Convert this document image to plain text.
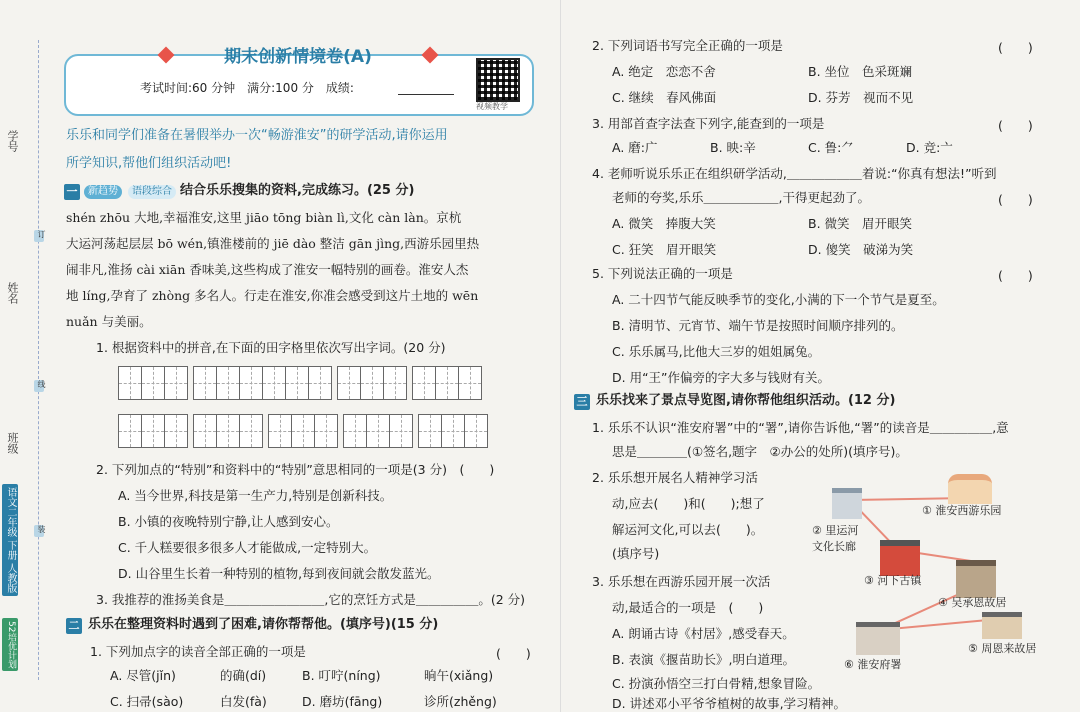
学号
姓名
班级
订
线
装
语文二年级 下册 人教版
52培优计划
期末创新情境卷(A)
考试时间:60 分钟　满分:100 分　成绩:
视频教学
乐乐和同学们准备在暑假举办一次“畅游淮安”的研学活动,请你运用
所学知识,帮他们组织活动吧!
一	新趋势	语段综合 结合乐乐搜集的资料,完成练习。(25 分)
shén zhōu 大地,幸福淮安,这里 jiāo tōng biàn lì,文化 càn làn。京杭
大运河荡起层层 bō wén,镇淮楼前的 jiē dào 整洁 gān jìng,西游乐园里热
闹非凡,淮扬 cài xiān 香味美,这些构成了淮安一幅特别的画卷。淮安人杰
地 líng,孕育了 zhòng 多名人。行走在淮安,你准会感受到这片土地的 wēn
nuǎn 与美丽。
1. 根据资料中的拼音,在下面的田字格里依次写出字词。(20 分)
2. 下列加点的“特别”和资料中的“特别”意思相同的一项是(3 分)　(　　)
A. 当今世界,科技是第一生产力,特别是创新科技。
B. 小镇的夜晚特别宁静,让人感到安心。
C. 千人糕要很多很多人才能做成,一定特别大。
D. 山谷里生长着一种特别的植物,每到夜间就会散发蓝光。
3. 我推荐的淮扬美食是＿＿＿＿＿＿＿＿,它的烹饪方式是＿＿＿＿＿。(2 分)
二 乐乐在整理资料时遇到了困难,请你帮帮他。(填序号)(15 分)
1. 下列加点字的读音全部正确的一项是	(　　)
A. 尽管(jǐn)	的确(dí)	B. 叮咛(níng)	晌午(xiǎng)
C. 扫帚(sào)	白发(fà)	D. 磨坊(fāng)	诊所(zhěng)
2. 下列词语书写完全正确的一项是	(　　)
A. 绝定　恋恋不舍	B. 坐位　色采斑斓
C. 继续　春风佛面	D. 芬芳　视而不见
3. 用部首查字法查下列字,能查到的一项是	(　　)
A. 磨:广	B. 映:辛	C. 鲁:⺈	D. 竞:亠
4. 老师听说乐乐正在组织研学活动,＿＿＿＿＿＿着说:“你真有想法!”听到
老师的夸奖,乐乐＿＿＿＿＿＿,干得更起劲了。	(　　)
A. 微笑　捧腹大笑	B. 微笑　眉开眼笑
C. 狂笑　眉开眼笑	D. 傻笑　破涕为笑
5. 下列说法正确的一项是	(　　)
A. 二十四节气能反映季节的变化,小满的下一个节气是夏至。
B. 清明节、元宵节、端午节是按照时间顺序排列的。
C. 乐乐属马,比他大三岁的姐姐属兔。
D. 用“王”作偏旁的字大多与钱财有关。
三 乐乐找来了景点导览图,请你帮他组织活动。(12 分)
1. 乐乐不认识“淮安府署”中的“署”,请你告诉他,“署”的读音是＿＿＿＿＿,意
思是＿＿＿＿(①签名,题字　②办公的处所)(填序号)。
2. 乐乐想开展名人精神学习活
动,应去(　　)和(　　);想了
解运河文化,可以去(　　)。
(填序号)
3. 乐乐想在西游乐园开展一次活
动,最适合的一项是　(　　)
A. 朗诵古诗《村居》,感受春天。
B. 表演《揠苗助长》,明白道理。
C. 扮演孙悟空三打白骨精,想象冒险。
D. 讲述邓小平爷爷植树的故事,学习精神。
① 淮安西游乐园
② 里运河
文化长廊
③ 河下古镇
④ 吴承恩故居
⑤ 周恩来故居
⑥ 淮安府署
